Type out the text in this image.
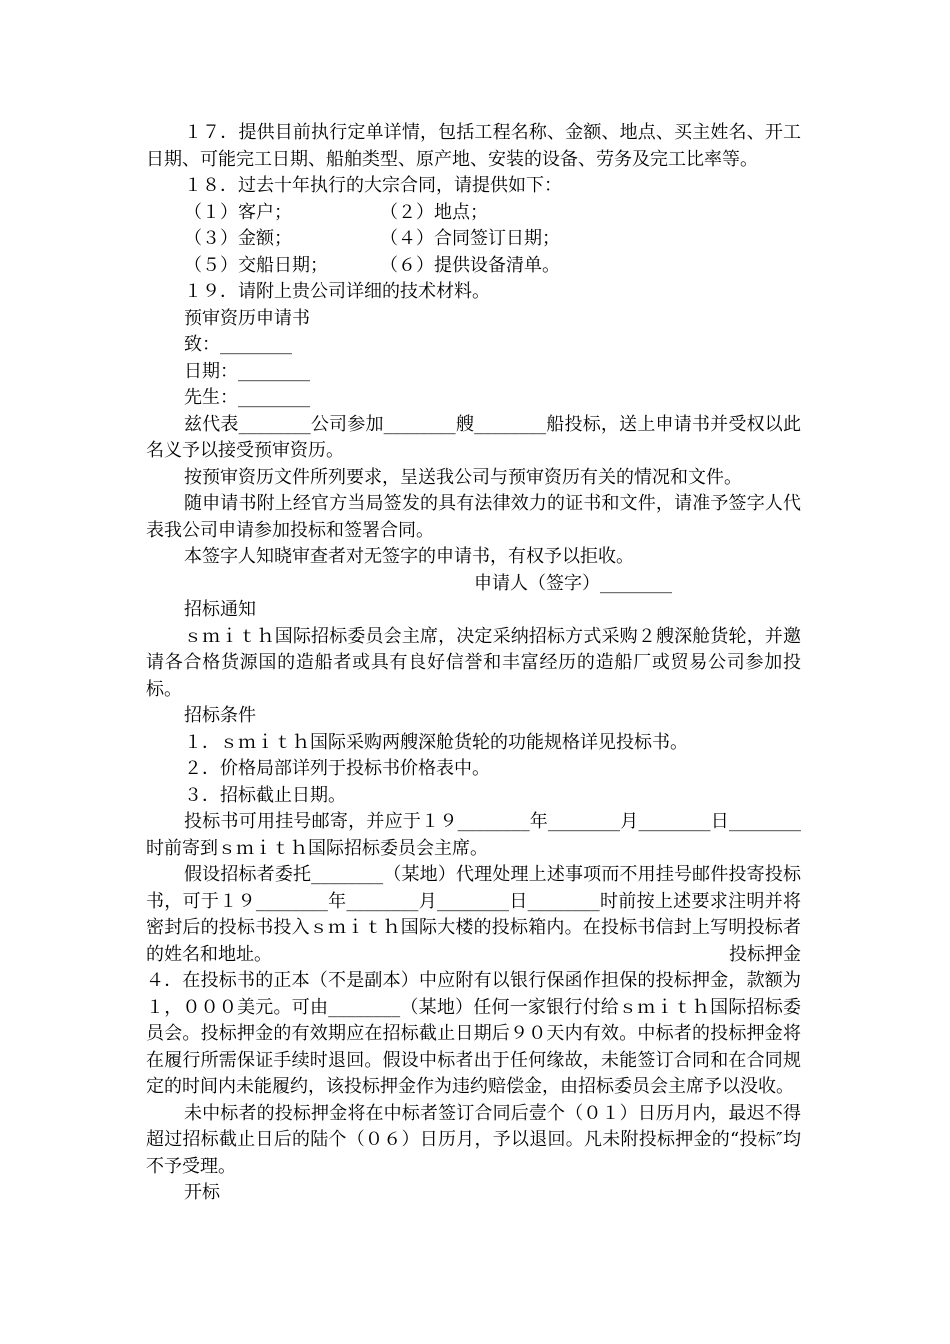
１７．提供目前执行定单详情，包括工程名称、金额、地点、买主姓名、开工日期、可能完工日期、船舶类型、原产地、安装的设备、劳务及完工比率等。

１８．过去十年执行的大宗合同，请提供如下：

（１）客户；	（２）地点；

（３）金额；	（４）合同签订日期；

（５）交船日期；	（６）提供设备清单。

１９．请附上贵公司详细的技术材料。

预审资历申请书

致：________

日期：________

先生：________

兹代表________公司参加________艘________船投标，送上申请书并受权以此名义予以接受预审资历。

按预审资历文件所列要求，呈送我公司与预审资历有关的情况和文件。

随申请书附上经官方当局签发的具有法律效力的证书和文件，请准予签字人代表我公司申请参加投标和签署合同。

本签字人知晓审查者对无签字的申请书，有权予以拒收。

申请人（签字）________

招标通知

ｓｍｉｔｈ国际招标委员会主席，决定采纳招标方式采购２艘深舱货轮，并邀请各合格货源国的造船者或具有良好信誉和丰富经历的造船厂或贸易公司参加投标。

招标条件

１．ｓｍｉｔｈ国际采购两艘深舱货轮的功能规格详见投标书。

２．价格局部详列于投标书价格表中。

３．招标截止日期。

投标书可用挂号邮寄，并应于１９________年________月________日________时前寄到ｓｍｉｔｈ国际招标委员会主席。

假设招标者委托________（某地）代理处理上述事项而不用挂号邮件投寄投标书，可于１９________年________月________日________时前按上述要求注明并将密封后的投标书投入ｓｍｉｔｈ国际大楼的投标箱内。在投标书信封上写明投标者的姓名和地址。	投标押金

４．在投标书的正本（不是副本）中应附有以银行保函作担保的投标押金，款额为１，０００美元。可由________（某地）任何一家银行付给ｓｍｉｔｈ国际招标委员会。投标押金的有效期应在招标截止日期后９０天内有效。中标者的投标押金将在履行所需保证手续时退回。假设中标者出于任何缘故，未能签订合同和在合同规定的时间内未能履约，该投标押金作为违约赔偿金，由招标委员会主席予以没收。

未中标者的投标押金将在中标者签订合同后壹个（０１）日历月内，最迟不得超过招标截止日后的陆个（０６）日历月，予以退回。凡未附投标押金的“投标″均不予受理。

开标
